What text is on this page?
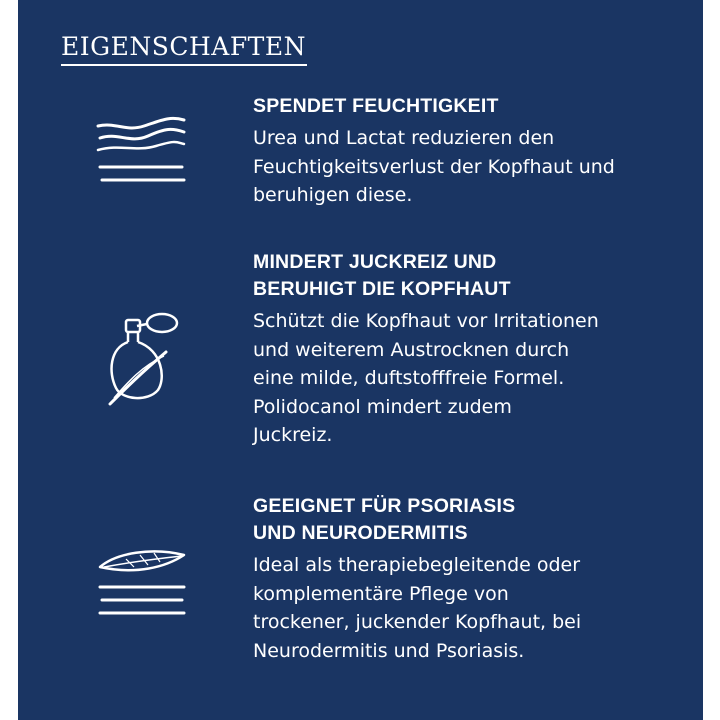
EIGENSCHAFTEN
SPENDET FEUCHTIGKEIT
Urea und Lactat reduzieren den
Feuchtigkeitsverlust der Kopfhaut und
beruhigen diese.
MINDERT JUCKREIZ UND
BERUHIGT DIE KOPFHAUT
Schützt die Kopfhaut vor Irritationen
und weiterem Austrocknen durch
eine milde, duftstofffreie Formel.
Polidocanol mindert zudem
Juckreiz.
GEEIGNET FÜR PSORIASIS
UND NEURODERMITIS
Ideal als therapiebegleitende oder
komplementäre Pflege von
trockener, juckender Kopfhaut, bei
Neurodermitis und Psoriasis.
